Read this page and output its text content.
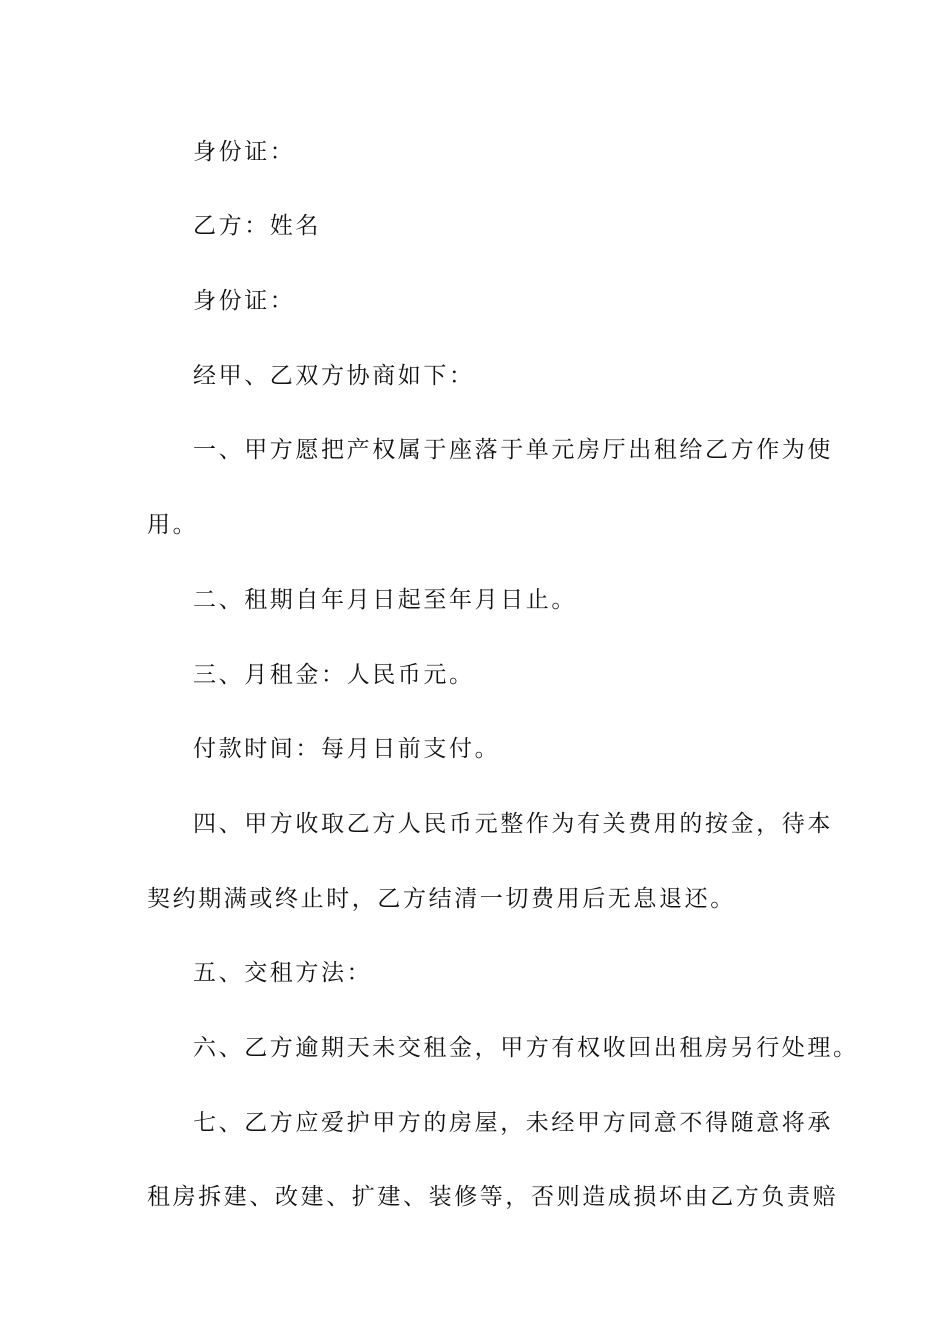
身份证：

乙方：姓名

身份证：

经甲、乙双方协商如下：

一、甲方愿把产权属于座落于单元房厅出租给乙方作为使

用。

二、租期自年月日起至年月日止。

三、月租金：人民币元。

付款时间：每月日前支付。

四、甲方收取乙方人民币元整作为有关费用的按金，待本

契约期满或终止时，乙方结清一切费用后无息退还。

五、交租方法：

六、乙方逾期天未交租金，甲方有权收回出租房另行处理。

七、乙方应爱护甲方的房屋，未经甲方同意不得随意将承

租房拆建、改建、扩建、装修等，否则造成损坏由乙方负责赔
